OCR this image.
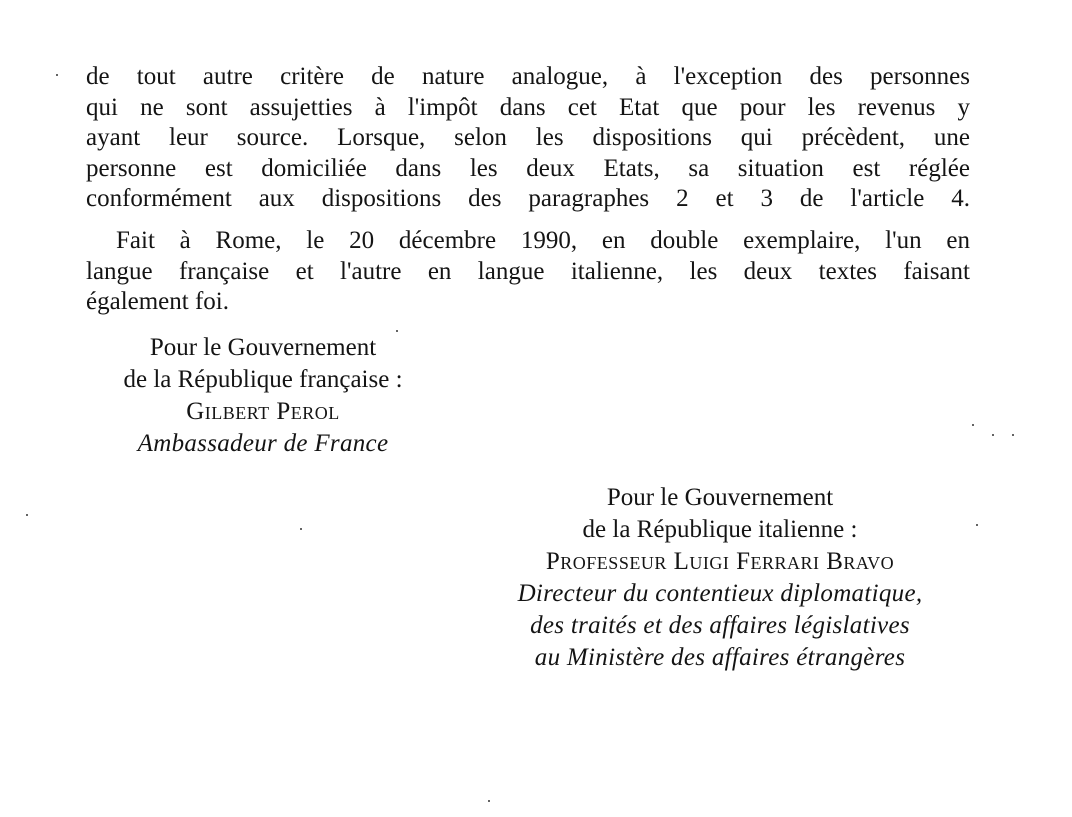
de tout autre critère de nature analogue, à l'exception des personnes
qui ne sont assujetties à l'impôt dans cet Etat que pour les revenus y
ayant leur source. Lorsque, selon les dispositions qui précèdent, une
personne est domiciliée dans les deux Etats, sa situation est réglée
conformément aux dispositions des paragraphes 2 et 3 de l'article 4.

Fait à Rome, le 20 décembre 1990, en double exemplaire, l'un en
langue française et l'autre en langue italienne, les deux textes faisant
également foi.

Pour le Gouvernement
de la République française :
Gilbert Perol
Ambassadeur de France
Pour le Gouvernement
de la République italienne :
Professeur Luigi Ferrari Bravo
Directeur du contentieux diplomatique,
des traités et des affaires législatives
au Ministère des affaires étrangères
